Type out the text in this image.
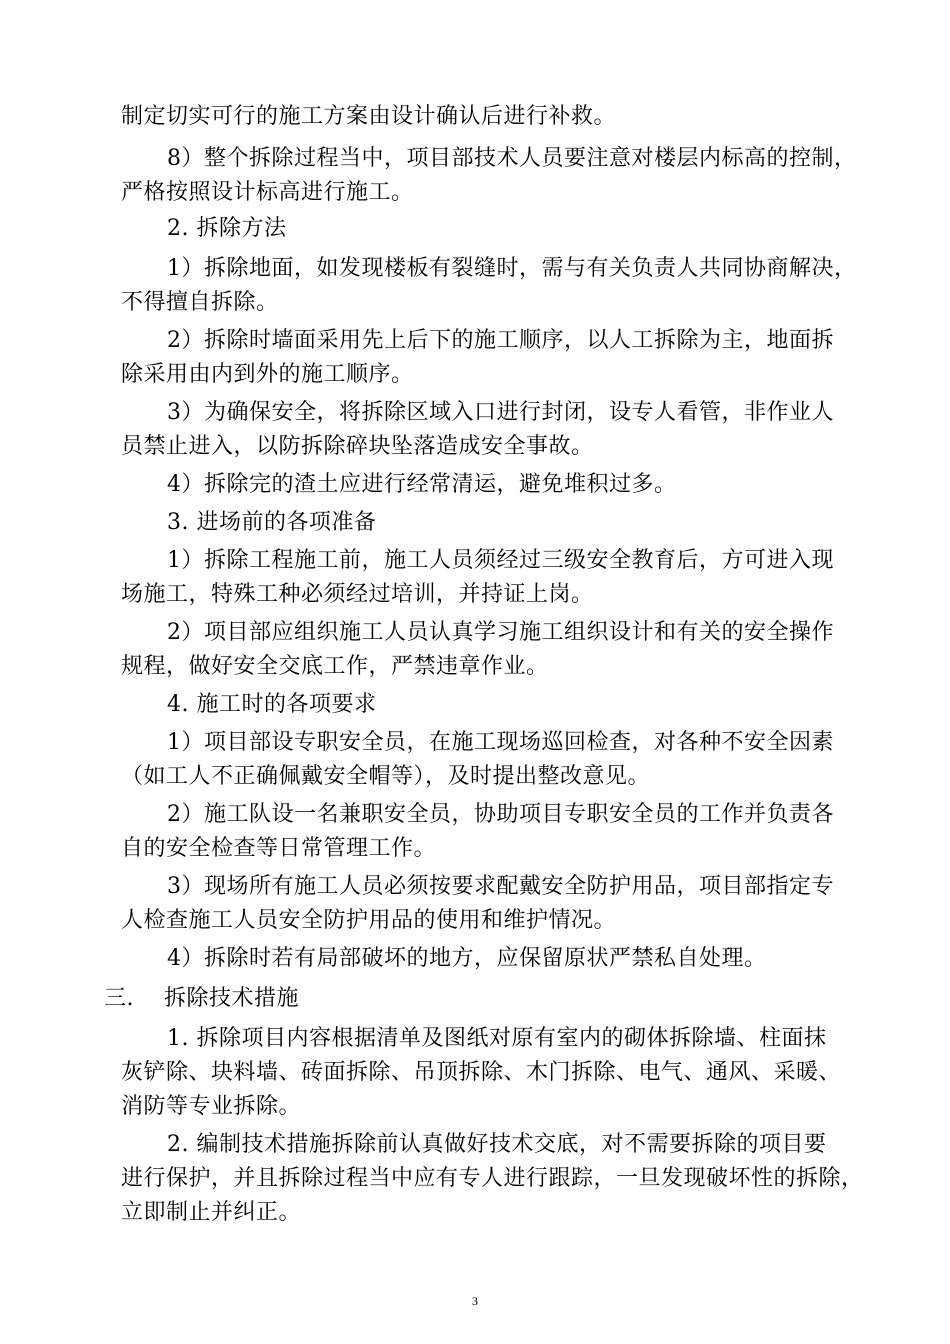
制定切实可行的施工方案由设计确认后进行补救。
8）整个拆除过程当中，项目部技术人员要注意对楼层内标高的控制，
严格按照设计标高进行施工。
2. 拆除方法
1）拆除地面，如发现楼板有裂缝时，需与有关负责人共同协商解决，
不得擅自拆除。
2）拆除时墙面采用先上后下的施工顺序，以人工拆除为主，地面拆
除采用由内到外的施工顺序。
3）为确保安全，将拆除区域入口进行封闭，设专人看管，非作业人
员禁止进入，以防拆除碎块坠落造成安全事故。
4）拆除完的渣土应进行经常清运，避免堆积过多。
3. 进场前的各项准备
1）拆除工程施工前，施工人员须经过三级安全教育后，方可进入现
场施工，特殊工种必须经过培训，并持证上岗。
2）项目部应组织施工人员认真学习施工组织设计和有关的安全操作
规程，做好安全交底工作，严禁违章作业。
4. 施工时的各项要求
1）项目部设专职安全员，在施工现场巡回检查，对各种不安全因素
（如工人不正确佩戴安全帽等），及时提出整改意见。
2）施工队设一名兼职安全员，协助项目专职安全员的工作并负责各
自的安全检查等日常管理工作。
3）现场所有施工人员必须按要求配戴安全防护用品，项目部指定专
人检查施工人员安全防护用品的使用和维护情况。
4）拆除时若有局部破坏的地方，应保留原状严禁私自处理。
三.    拆除技术措施
1. 拆除项目内容根据清单及图纸对原有室内的砌体拆除墙、柱面抹
灰铲除、块料墙、砖面拆除、吊顶拆除、木门拆除、电气、通风、采暖、
消防等专业拆除。
2. 编制技术措施拆除前认真做好技术交底，对不需要拆除的项目要
进行保护，并且拆除过程当中应有专人进行跟踪，一旦发现破坏性的拆除，
立即制止并纠正。
3
